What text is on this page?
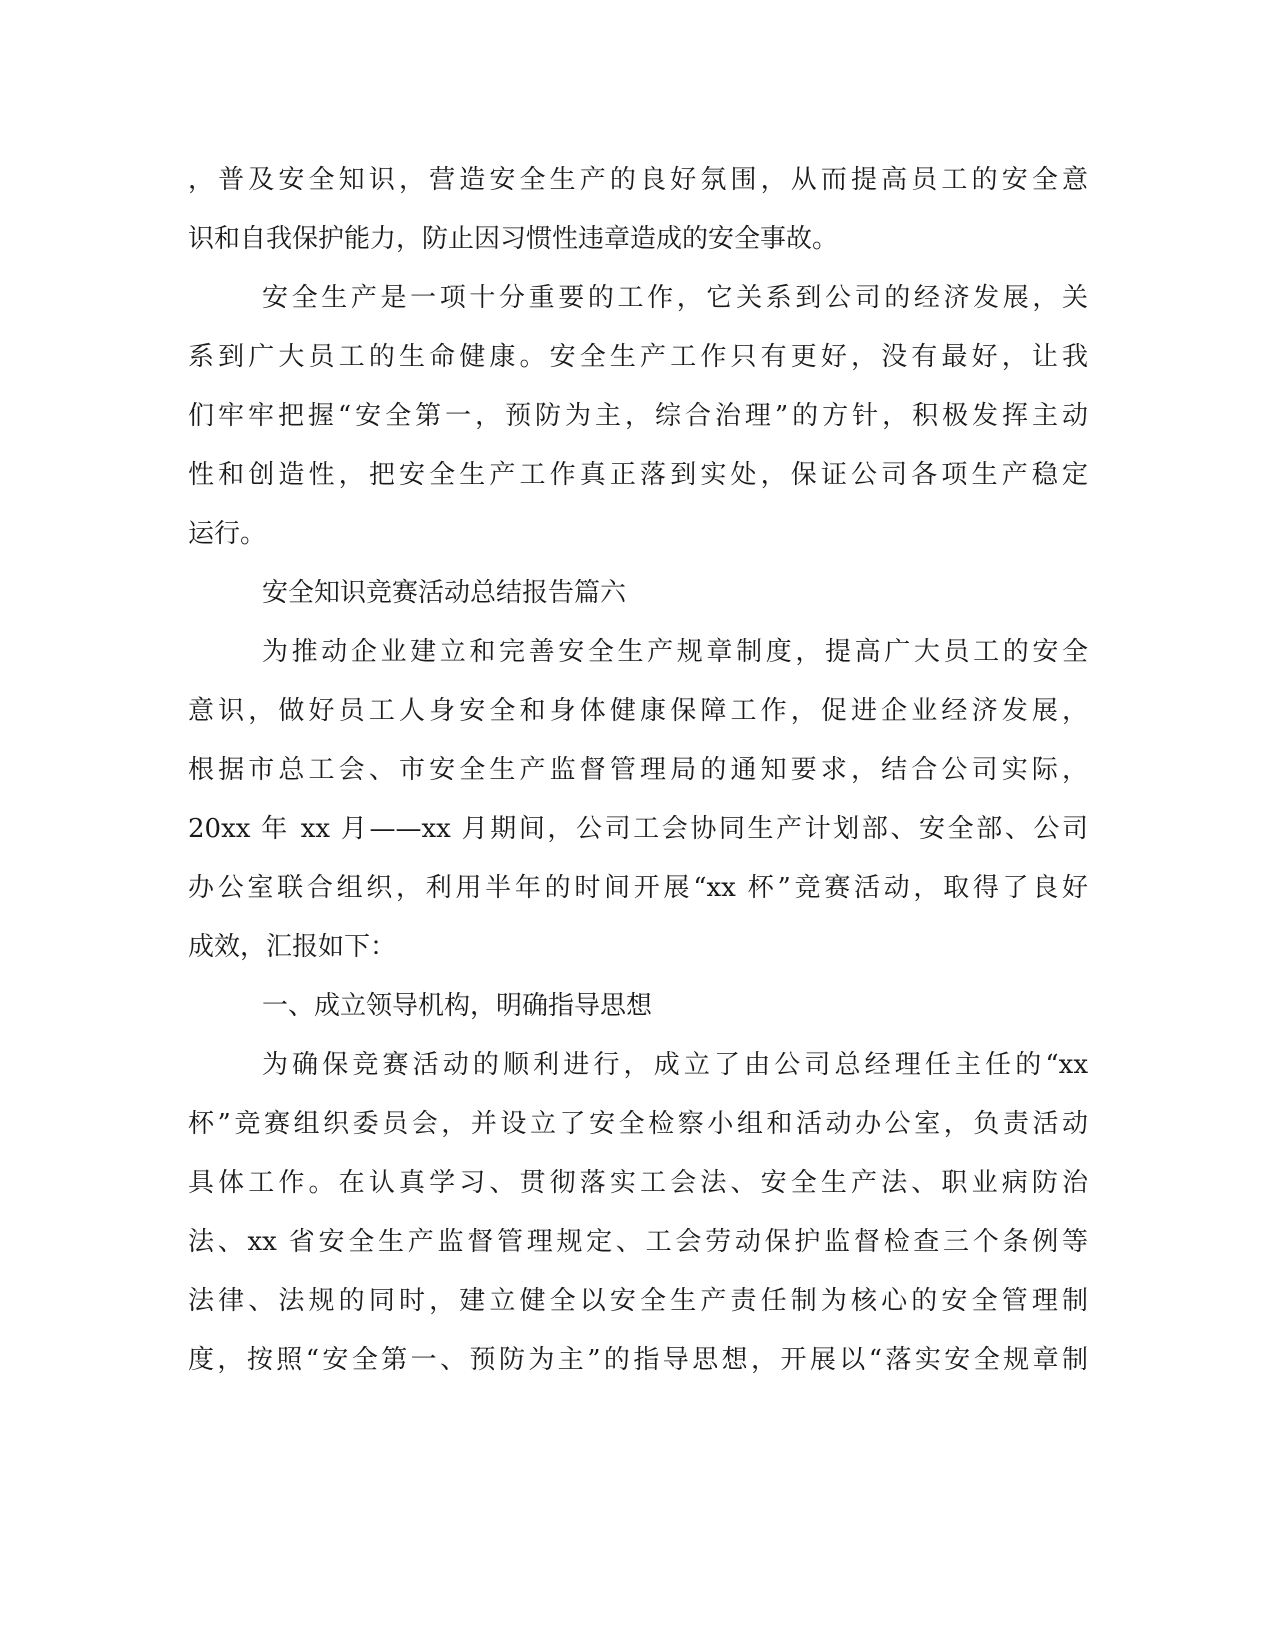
，普及安全知识，营造安全生产的良好氛围，从而提高员工的安全意
识和自我保护能力，防止因习惯性违章造成的安全事故。
安全生产是一项十分重要的工作，它关系到公司的经济发展，关
系到广大员工的生命健康。安全生产工作只有更好，没有最好，让我
们牢牢把握“安全第一，预防为主，综合治理”的方针，积极发挥主动
性和创造性，把安全生产工作真正落到实处，保证公司各项生产稳定
运行。
安全知识竞赛活动总结报告篇六
为推动企业建立和完善安全生产规章制度，提高广大员工的安全
意识，做好员工人身安全和身体健康保障工作，促进企业经济发展，
根据市总工会、市安全生产监督管理局的通知要求，结合公司实际，
20xx 年 xx 月——xx 月期间，公司工会协同生产计划部、安全部、公司
办公室联合组织，利用半年的时间开展“xx 杯”竞赛活动，取得了良好
成效，汇报如下：
一、成立领导机构，明确指导思想
为确保竞赛活动的顺利进行，成立了由公司总经理任主任的“xx
杯”竞赛组织委员会，并设立了安全检察小组和活动办公室，负责活动
具体工作。在认真学习、贯彻落实工会法、安全生产法、职业病防治
法、xx 省安全生产监督管理规定、工会劳动保护监督检查三个条例等
法律、法规的同时，建立健全以安全生产责任制为核心的安全管理制
度，按照“安全第一、预防为主”的指导思想，开展以“落实安全规章制
